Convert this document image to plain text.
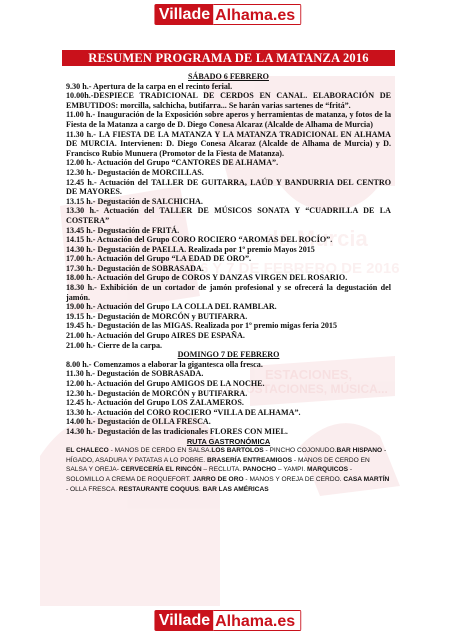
Villade Alhama.es
de Murcia
6 Y 7 DE FEBRERO DE 2016
ESTACIONES,
DEGUSTACIONES, MÚSICA...
RESUMEN PROGRAMA DE LA MATANZA 2016

SÁBADO 6 FEBRERO

9.30 h.- Apertura de la carpa en el recinto ferial.

10.00h.-DESPIECE TRADICIONAL DE CERDOS EN CANAL. ELABORACIÓN DE EMBUTIDOS: morcilla, salchicha, butifarra... Se harán varias sartenes de “fritá”.

11.00 h.- Inauguración de la Exposición sobre aperos y herramientas de matanza, y fotos de la Fiesta de la Matanza a cargo de D. Diego Conesa Alcaraz (Alcalde de Alhama de Murcia)

11.30 h.- LA FIESTA DE LA MATANZA Y LA MATANZA TRADICIONAL EN ALHAMA DE MURCIA. Intervienen: D. Diego Conesa Alcaraz (Alcalde de Alhama de Murcia) y D. Francisco Rubio Munuera (Promotor de la Fiesta de Matanza).

12.00 h.- Actuación del Grupo “CANTORES DE ALHAMA”.

12.30 h.- Degustación de MORCILLAS.

12.45 h.- Actuación del TALLER DE GUITARRA, LAÚD Y BANDURRIA DEL CENTRO DE MAYORES.

13.15 h.- Degustación de SALCHICHA.

13.30 h.- Actuación del TALLER DE MÚSICOS SONATA Y “CUADRILLA DE LA COSTERA”

13.45 h.- Degustación de FRITÁ.

14.15 h.- Actuación del Grupo CORO ROCIERO “AROMAS DEL ROCÍO”.

14.30 h.- Degustación de PAELLA. Realizada por 1º premio Mayos 2015

17.00 h.- Actuación del Grupo “LA EDAD DE ORO”.

17.30 h.- Degustación de SOBRASADA.

18.00 h.- Actuación del Grupo de COROS Y DANZAS VIRGEN DEL ROSARIO.

18.30 h.- Exhibición de un cortador de jamón profesional y se ofrecerá la degustación del jamón.

19.00 h.- Actuación del Grupo LA COLLA DEL RAMBLAR.

19.15 h.- Degustación de MORCÓN y BUTIFARRA.

19.45 h.- Degustación de las MIGAS. Realizada por 1º premio migas feria 2015

21.00 h.- Actuación del Grupo AIRES DE ESPAÑA.

21.00 h.- Cierre de la carpa.

DOMINGO 7 DE FEBRERO

8.00 h.- Comenzamos a elaborar la gigantesca olla fresca.

11.30 h.- Degustación de SOBRASADA.

12.00 h.- Actuación del Grupo AMIGOS DE LA NOCHE.

12.30 h.- Degustación de MORCÓN y BUTIFARRA.

12.45 h.- Actuación del Grupo LOS ZALAMEROS.

13.30 h.- Actuación del CORO ROCIERO “VILLA DE ALHAMA”.

14.00 h.- Degustación de OLLA FRESCA.

14.30 h.- Degustación de las tradicionales FLORES CON MIEL.

RUTA GASTRONÓMICA

EL CHALECO - MANOS DE CERDO EN SALSA.LOS BARTOLOS - PINCHO COJONUDO.BAR HISPANO - HÍGADO, ASADURA Y PATATAS A LO POBRE. BRASERÍA ENTREAMIGOS - MANOS DE CERDO EN SALSA Y OREJA- CERVECERÍA EL RINCÓN – RECLUTA. PANOCHO – YAMPI. MARQUICOS - SOLOMILLO A CREMA DE ROQUEFORT. JARRO DE ORO - MANOS Y OREJA DE CERDO. CASA MARTÍN - OLLA FRESCA. RESTAURANTE COQUUS. BAR LAS AMÉRICAS

Villade Alhama.es
